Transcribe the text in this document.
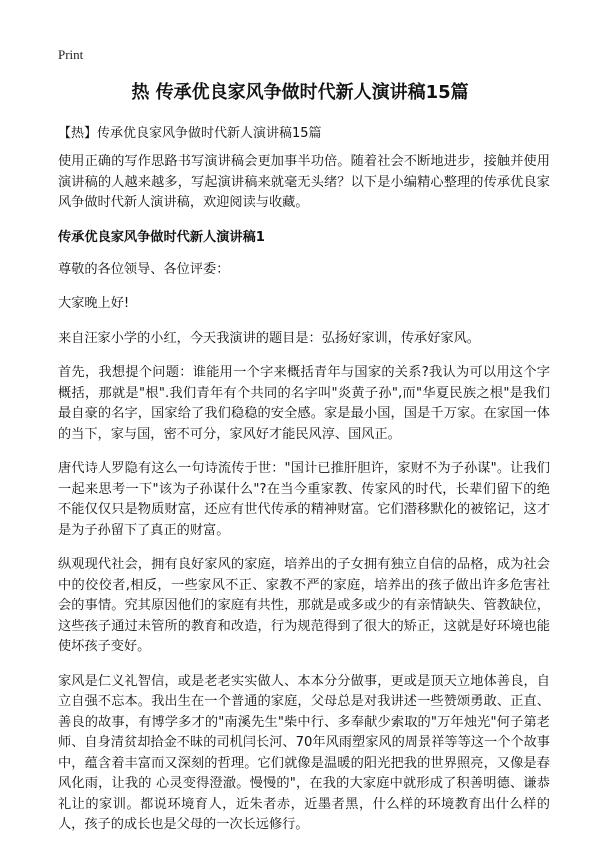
Print
热 传承优良家风争做时代新人演讲稿15篇
【热】传承优良家风争做时代新人演讲稿15篇

使用正确的写作思路书写演讲稿会更加事半功倍。随着社会不断地进步，接触并使用演讲稿的人越来越多，写起演讲稿来就毫无头绪？以下是小编精心整理的传承优良家风争做时代新人演讲稿，欢迎阅读与收藏。

传承优良家风争做时代新人演讲稿1

尊敬的各位领导、各位评委：

大家晚上好!

来自汪家小学的小红，今天我演讲的题目是：弘扬好家训，传承好家风。

首先，我想提个问题：谁能用一个字来概括青年与国家的关系?我认为可以用这个字概括，那就是"根".我们青年有个共同的名字叫"炎黄子孙",而"华夏民族之根"是我们最自豪的名字，国家给了我们稳稳的安全感。家是最小国，国是千万家。在家国一体的当下，家与国，密不可分，家风好才能民风淳、国风正。

唐代诗人罗隐有这么一句诗流传于世："国计已推肝胆许，家财不为子孙谋"。让我们一起来思考一下"该为子孙谋什么"?在当今重家教、传家风的时代，长辈们留下的绝不能仅仅只是物质财富，还应有世代传承的精神财富。它们潜移默化的被铭记，这才是为子孙留下了真正的财富。

纵观现代社会，拥有良好家风的家庭，培养出的子女拥有独立自信的品格，成为社会中的佼佼者,相反，一些家风不正、家教不严的家庭，培养出的孩子做出许多危害社会的事情。究其原因他们的家庭有共性，那就是或多或少的有亲情缺失、管教缺位，这些孩子通过未管所的教育和改造，行为规范得到了很大的矫正，这就是好环境也能使坏孩子变好。

家风是仁义礼智信，或是老老实实做人、本本分分做事，更或是顶天立地体善良，自立自强不忘本。我出生在一个普通的家庭，父母总是对我讲述一些赞颂勇敢、正直、善良的故事，有博学多才的"南溪先生"柴中行、多奉献少索取的"万年烛光"何子第老师、自身清贫却拾金不昧的司机闫长河、70年风雨塑家风的周景祥等等这一个个故事中，蕴含着丰富而又深刻的哲理。它们就像是温暖的阳光把我的世界照亮，又像是春风化雨，让我的 心灵变得澄澈。慢慢的"，在我的大家庭中就形成了积善明德、谦恭礼让的家训。都说环境育人，近朱者赤，近墨者黑，什么样的环境教育出什么样的人，孩子的成长也是父母的一次长远修行。
